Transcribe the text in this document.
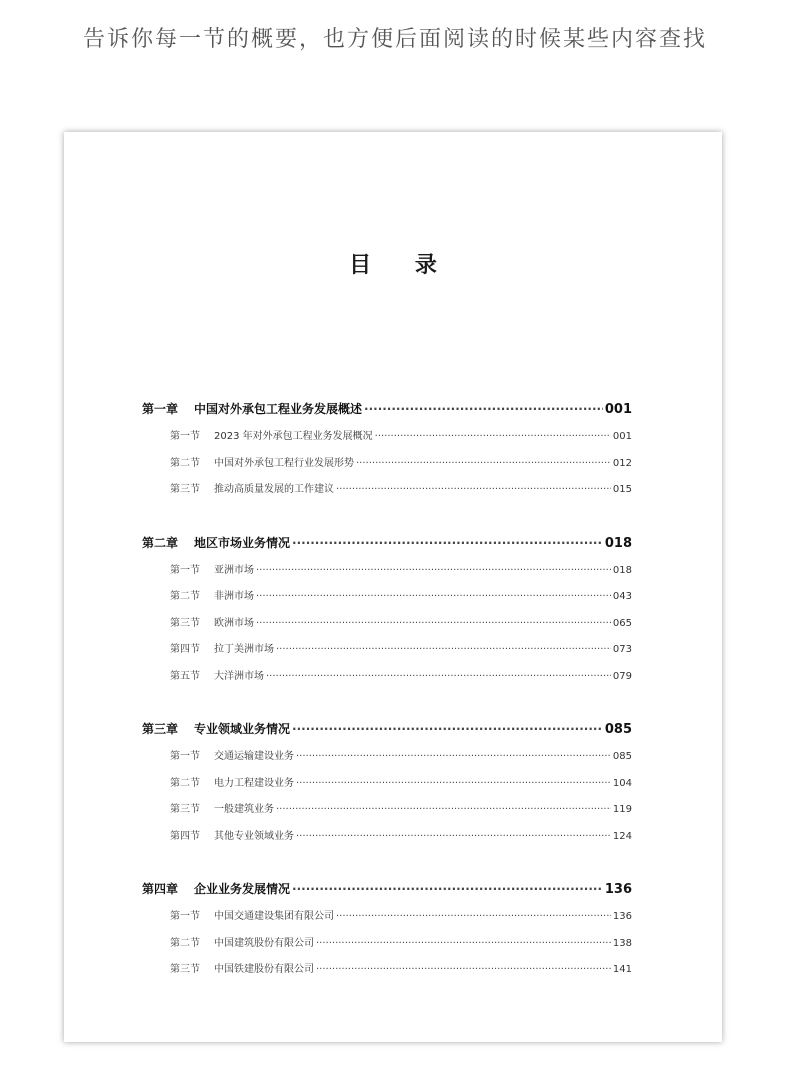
告诉你每一节的概要，也方便后面阅读的时候某些内容查找
目 录
第一章	中国对外承包工程业务发展概述 ·····	001
第一节	2023 年对外承包工程业务发展概况 ·····	001
第二节	中国对外承包工程行业发展形势 ·····	012
第三节	推动高质量发展的工作建议 ·····	015
第二章	地区市场业务情况 ·····	018
第一节	亚洲市场 ·····	018
第二节	非洲市场 ·····	043
第三节	欧洲市场 ·····	065
第四节	拉丁美洲市场 ·····	073
第五节	大洋洲市场 ·····	079
第三章	专业领域业务情况 ·····	085
第一节	交通运输建设业务 ·····	085
第二节	电力工程建设业务 ·····	104
第三节	一般建筑业务 ·····	119
第四节	其他专业领域业务 ·····	124
第四章	企业业务发展情况 ·····	136
第一节	中国交通建设集团有限公司 ·····	136
第二节	中国建筑股份有限公司 ·····	138
第三节	中国铁建股份有限公司 ·····	141
